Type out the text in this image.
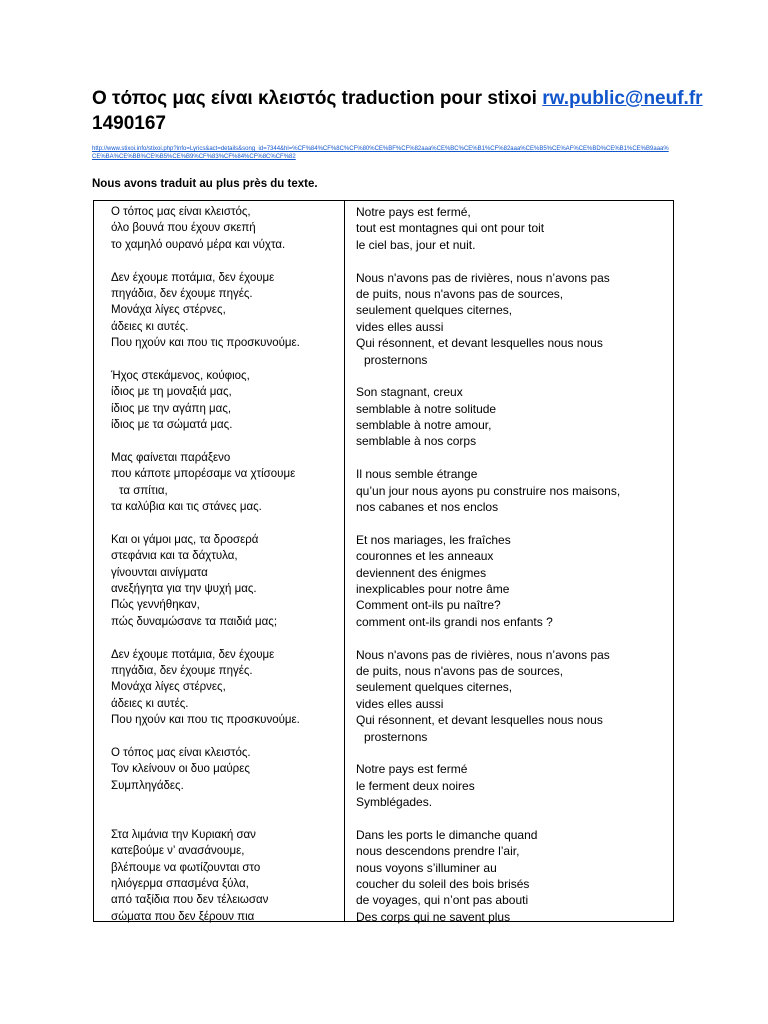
Ο τόπος μας είναι κλειστός traduction pour stixoi rw.public@neuf.fr
1490167
http://www.stixoi.info/stixoi.php?info=Lyrics&act=details&song_id=7344&hl=%CF%84%CF%8C%CF%80%CE%BF%CF%82aaa%CE%BC%CE%B1%CF%82aaa%CE%B5%CE%AF%CE%BD%CE%B1%CE%B9aaa%CE%BA%CE%BB%CE%B5%CE%B9%CF%83%CF%84%CF%8C%CF%82
Nous avons traduit au plus près du texte.
Ο τόπος μας είναι κλειστός,
όλο βουνά που έχουν σκεπή
το χαμηλό ουρανό μέρα και νύχτα.
Δεν έχουμε ποτάμια, δεν έχουμε
πηγάδια, δεν έχουμε πηγές.
Μονάχα λίγες στέρνες,
άδειες κι αυτές.
Που ηχούν και που τις προσκυνούμε.
Ήχος στεκάμενος, κούφιος,
ίδιος με τη μοναξιά μας,
ίδιος με την αγάπη μας,
ίδιος με τα σώματά μας.
Μας φαίνεται παράξενο
που κάποτε μπορέσαμε να χτίσουμε
τα σπίτια,
τα καλύβια και τις στάνες μας.
Και οι γάμοι μας, τα δροσερά
στεφάνια και τα δάχτυλα,
γίνουνται αινίγματα
ανεξήγητα για την ψυχή μας.
Πώς γεννήθηκαν,
πώς δυναμώσανε τα παιδιά μας;
Δεν έχουμε ποτάμια, δεν έχουμε
πηγάδια, δεν έχουμε πηγές.
Μονάχα λίγες στέρνες,
άδειες κι αυτές.
Που ηχούν και που τις προσκυνούμε.
Ο τόπος μας είναι κλειστός.
Τον κλείνουν οι δυο μαύρες
Συμπληγάδες.
Στα λιμάνια την Κυριακή σαν
κατεβούμε ν’ ανασάνουμε,
βλέπουμε να φωτίζουνται στο
ηλιόγερμα σπασμένα ξύλα,
από ταξίδια που δεν τέλειωσαν
σώματα που δεν ξέρουν πια
Notre pays est fermé,
tout est montagnes qui ont pour toit
le ciel bas, jour et nuit.
Nous n'avons pas de rivières, nous n’avons pas
de puits, nous n'avons pas de sources,
seulement quelques citernes,
vides elles aussi
Qui résonnent, et devant lesquelles nous nous
prosternons
Son stagnant, creux
semblable à notre solitude
semblable à notre amour,
semblable à nos corps
Il nous semble étrange
qu’un jour nous ayons pu construire nos maisons,
nos cabanes et nos enclos
Et nos mariages, les fraîches
couronnes et les anneaux
deviennent des énigmes
inexplicables pour notre âme
Comment ont-ils pu naître?
comment ont-ils grandi nos enfants ?
Nous n'avons pas de rivières, nous n’avons pas
de puits, nous n'avons pas de sources,
seulement quelques citernes,
vides elles aussi
Qui résonnent, et devant lesquelles nous nous
prosternons
Notre pays est fermé
le ferment deux noires
Symblégades.
Dans les ports le dimanche quand
nous descendons prendre l’air,
nous voyons s’illuminer au
coucher du soleil des bois brisés
de voyages, qui n’ont pas abouti
Des corps qui ne savent plus
